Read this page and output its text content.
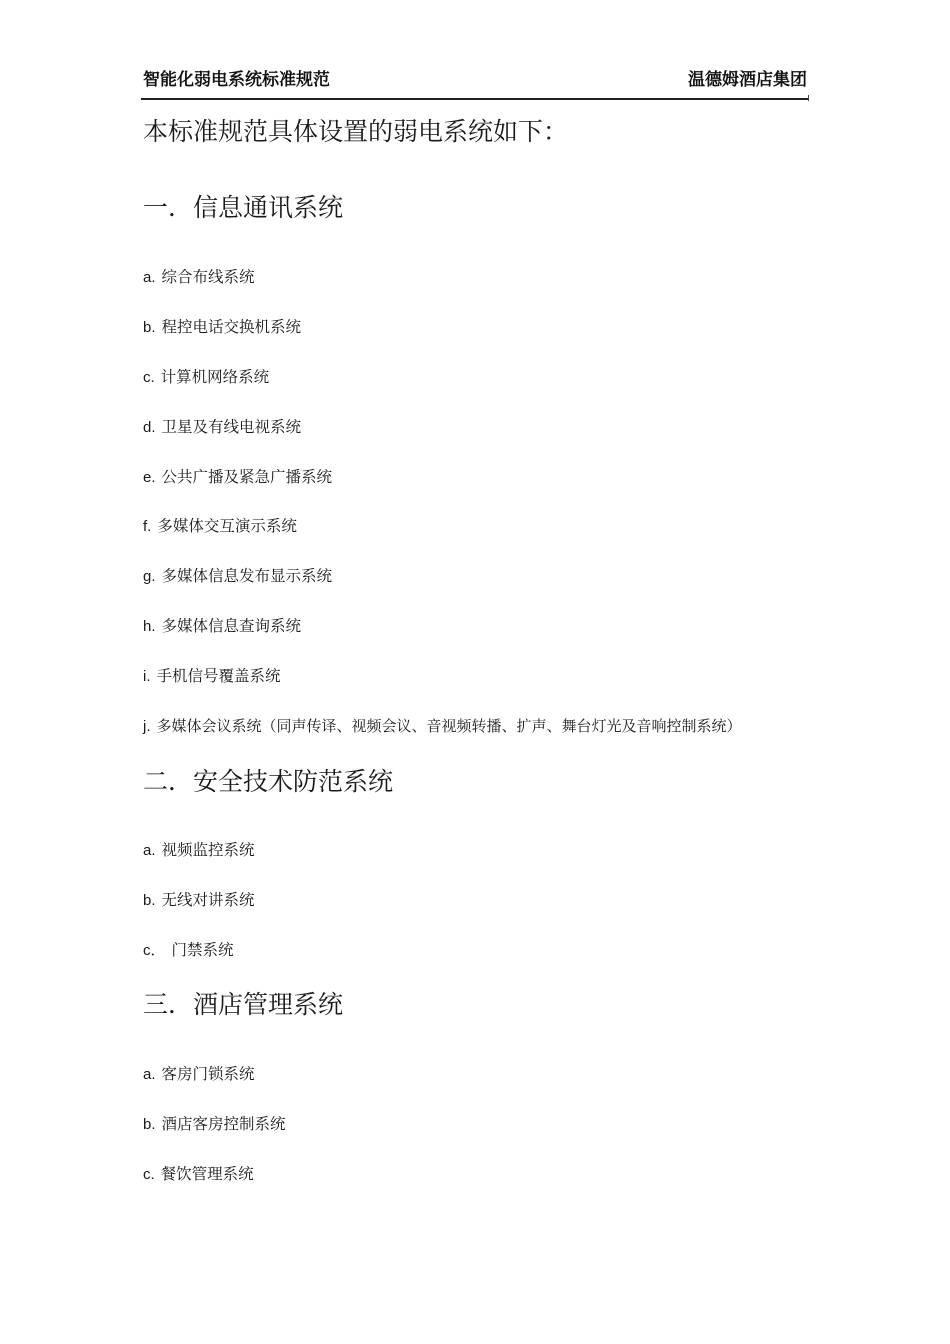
智能化弱电系统标准规范	温德姆酒店集团
本标准规范具体设置的弱电系统如下：
一．信息通讯系统
a. 综合布线系统
b. 程控电话交换机系统
c. 计算机网络系统
d. 卫星及有线电视系统
e. 公共广播及紧急广播系统
f. 多媒体交互演示系统
g. 多媒体信息发布显示系统
h. 多媒体信息查询系统
i. 手机信号覆盖系统
j. 多媒体会议系统（同声传译、视频会议、音视频转播、扩声、舞台灯光及音响控制系统）
二．安全技术防范系统
a. 视频监控系统
b. 无线对讲系统
c． 门禁系统
三．酒店管理系统
a. 客房门锁系统
b. 酒店客房控制系统
c. 餐饮管理系统
